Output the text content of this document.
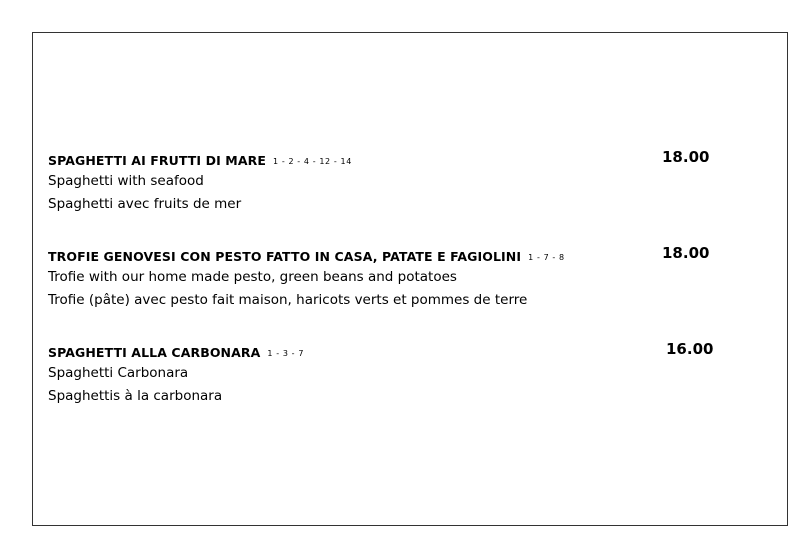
SPAGHETTI AI FRUTTI DI MARE 1 - 2 - 4 - 12 - 14	18.00
Spaghetti with seafood
Spaghetti avec fruits de mer
TROFIE GENOVESI CON PESTO FATTO IN CASA, PATATE E FAGIOLINI 1 - 7 - 8	18.00
Trofie with our home made pesto, green beans and potatoes
Trofie (pâte) avec pesto fait maison, haricots verts et pommes de terre
SPAGHETTI ALLA CARBONARA 1 - 3 - 7	16.00
Spaghetti Carbonara
Spaghettis à la carbonara
